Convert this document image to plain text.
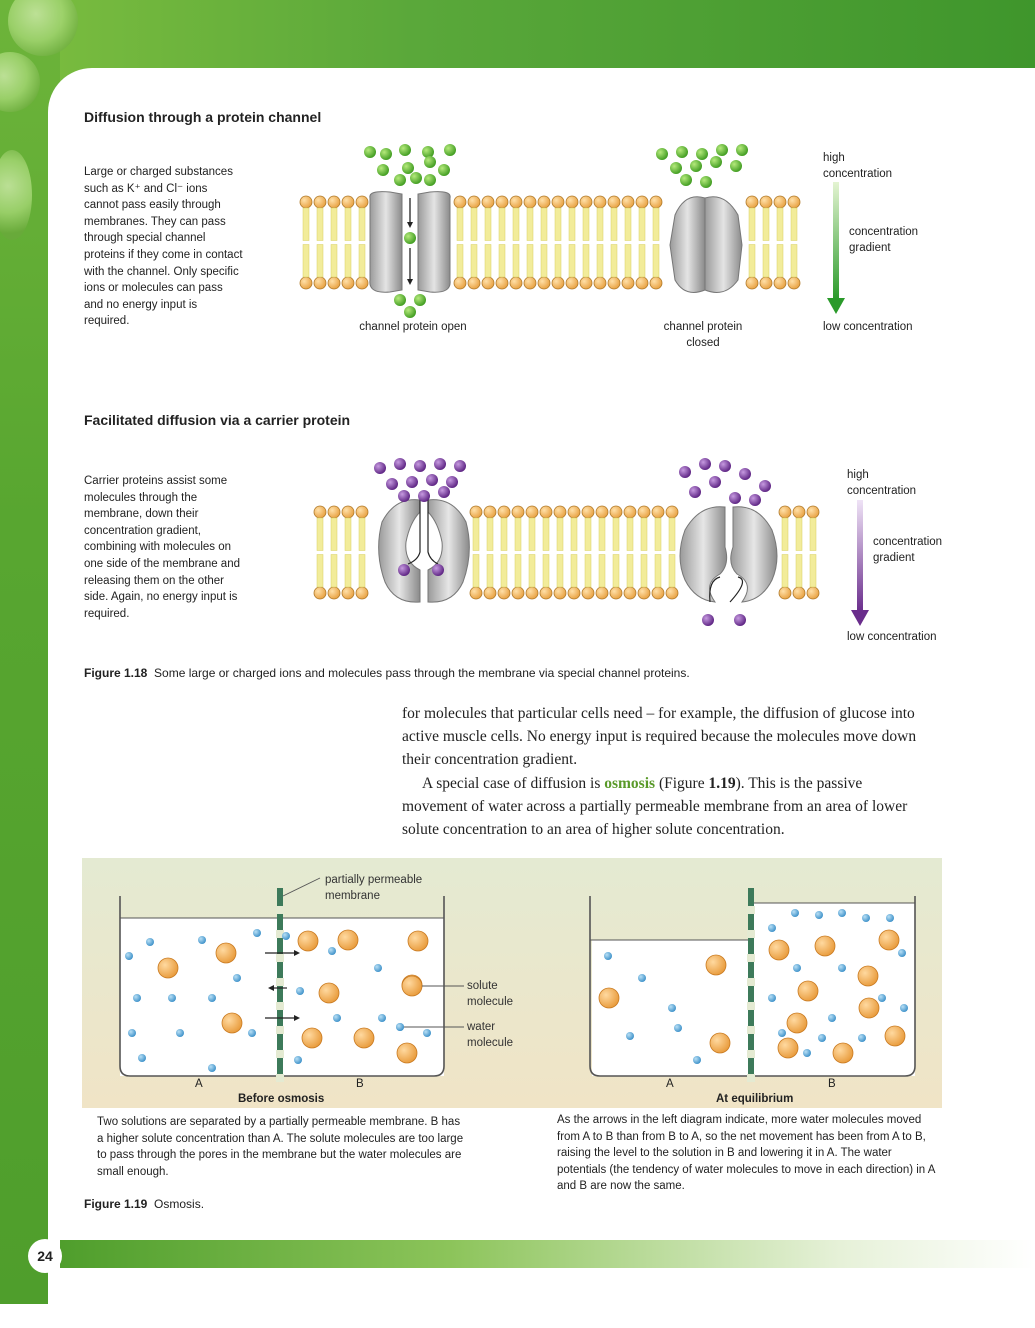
Diffusion through a protein channel
Large or charged substances such as K⁺ and Cl⁻ ions cannot pass easily through membranes. They can pass through special channel proteins if they come in contact with the channel. Only specific ions or molecules can pass and no energy input is required.
high concentration
concentration gradient
low concentration
channel protein open	channel protein closed
Facilitated diffusion via a carrier protein
Carrier proteins assist some molecules through the membrane, down their concentration gradient, combining with molecules on one side of the membrane and releasing them on the other side. Again, no energy input is required.
high concentration
concentration gradient
low concentration
Figure 1.18 Some large or charged ions and molecules pass through the membrane via special channel proteins.
for molecules that particular cells need – for example, the diffusion of glucose into active muscle cells. No energy input is required because the molecules move down their concentration gradient.
A special case of diffusion is osmosis (Figure 1.19). This is the passive movement of water across a partially permeable membrane from an area of lower solute concentration to an area of higher solute concentration.
partially permeable
membrane
solute
molecule
water
molecule
A	B	A	B
Before osmosis	At equilibrium
Two solutions are separated by a partially permeable membrane. B has a higher solute concentration than A. The solute molecules are too large to pass through the pores in the membrane but the water molecules are small enough.
As the arrows in the left diagram indicate, more water molecules moved from A to B than from B to A, so the net movement has been from A to B, raising the level to the solution in B and lowering it in A. The water potentials (the tendency of water molecules to move in each direction) in A and B are now the same.
Figure 1.19 Osmosis.
24
